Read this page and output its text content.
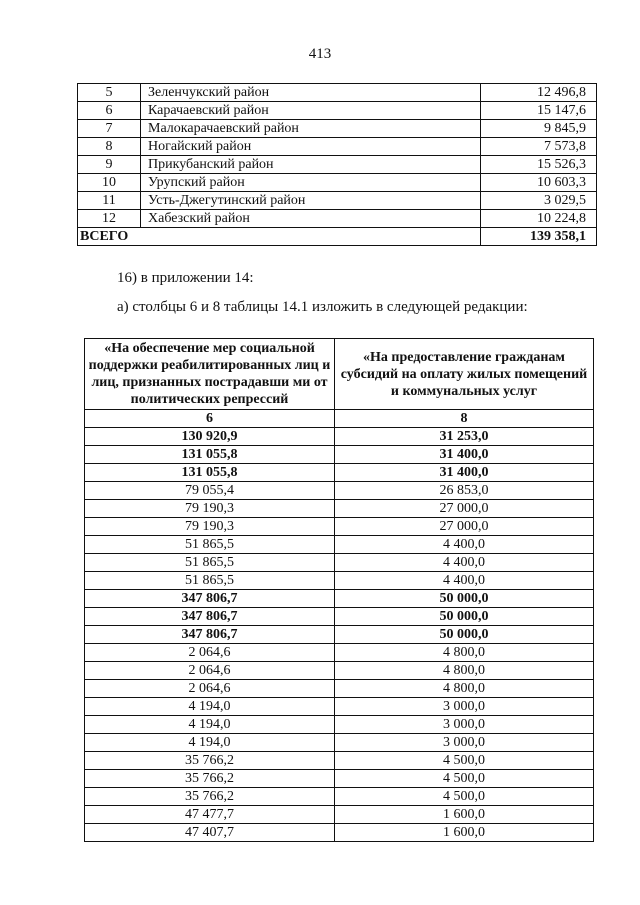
413
5	Зеленчукский район	12 496,8
6	Карачаевский район	15 147,6
7	Малокарачаевский район	9 845,9
8	Ногайский район	7 573,8
9	Прикубанский район	15 526,3
10	Урупский район	10 603,3
11	Усть-Джегутинский район	3 029,5
12	Хабезский район	10 224,8
ВСЕГО		139 358,1
16) в приложении 14:
а) столбцы 6 и 8 таблицы 14.1 изложить в следующей редакции:
«На обеспечение мер социальной поддержки реабилитированных лиц и лиц, признанных пострадавши ми от политических репрессий	«На предоставление гражданам субсидий на оплату жилых помещений и коммунальных услуг
6	8
130 920,9	31 253,0
131 055,8	31 400,0
131 055,8	31 400,0
79 055,4	26 853,0
79 190,3	27 000,0
79 190,3	27 000,0
51 865,5	4 400,0
51 865,5	4 400,0
51 865,5	4 400,0
347 806,7	50 000,0
347 806,7	50 000,0
347 806,7	50 000,0
2 064,6	4 800,0
2 064,6	4 800,0
2 064,6	4 800,0
4 194,0	3 000,0
4 194,0	3 000,0
4 194,0	3 000,0
35 766,2	4 500,0
35 766,2	4 500,0
35 766,2	4 500,0
47 477,7	1 600,0
47 407,7	1 600,0
